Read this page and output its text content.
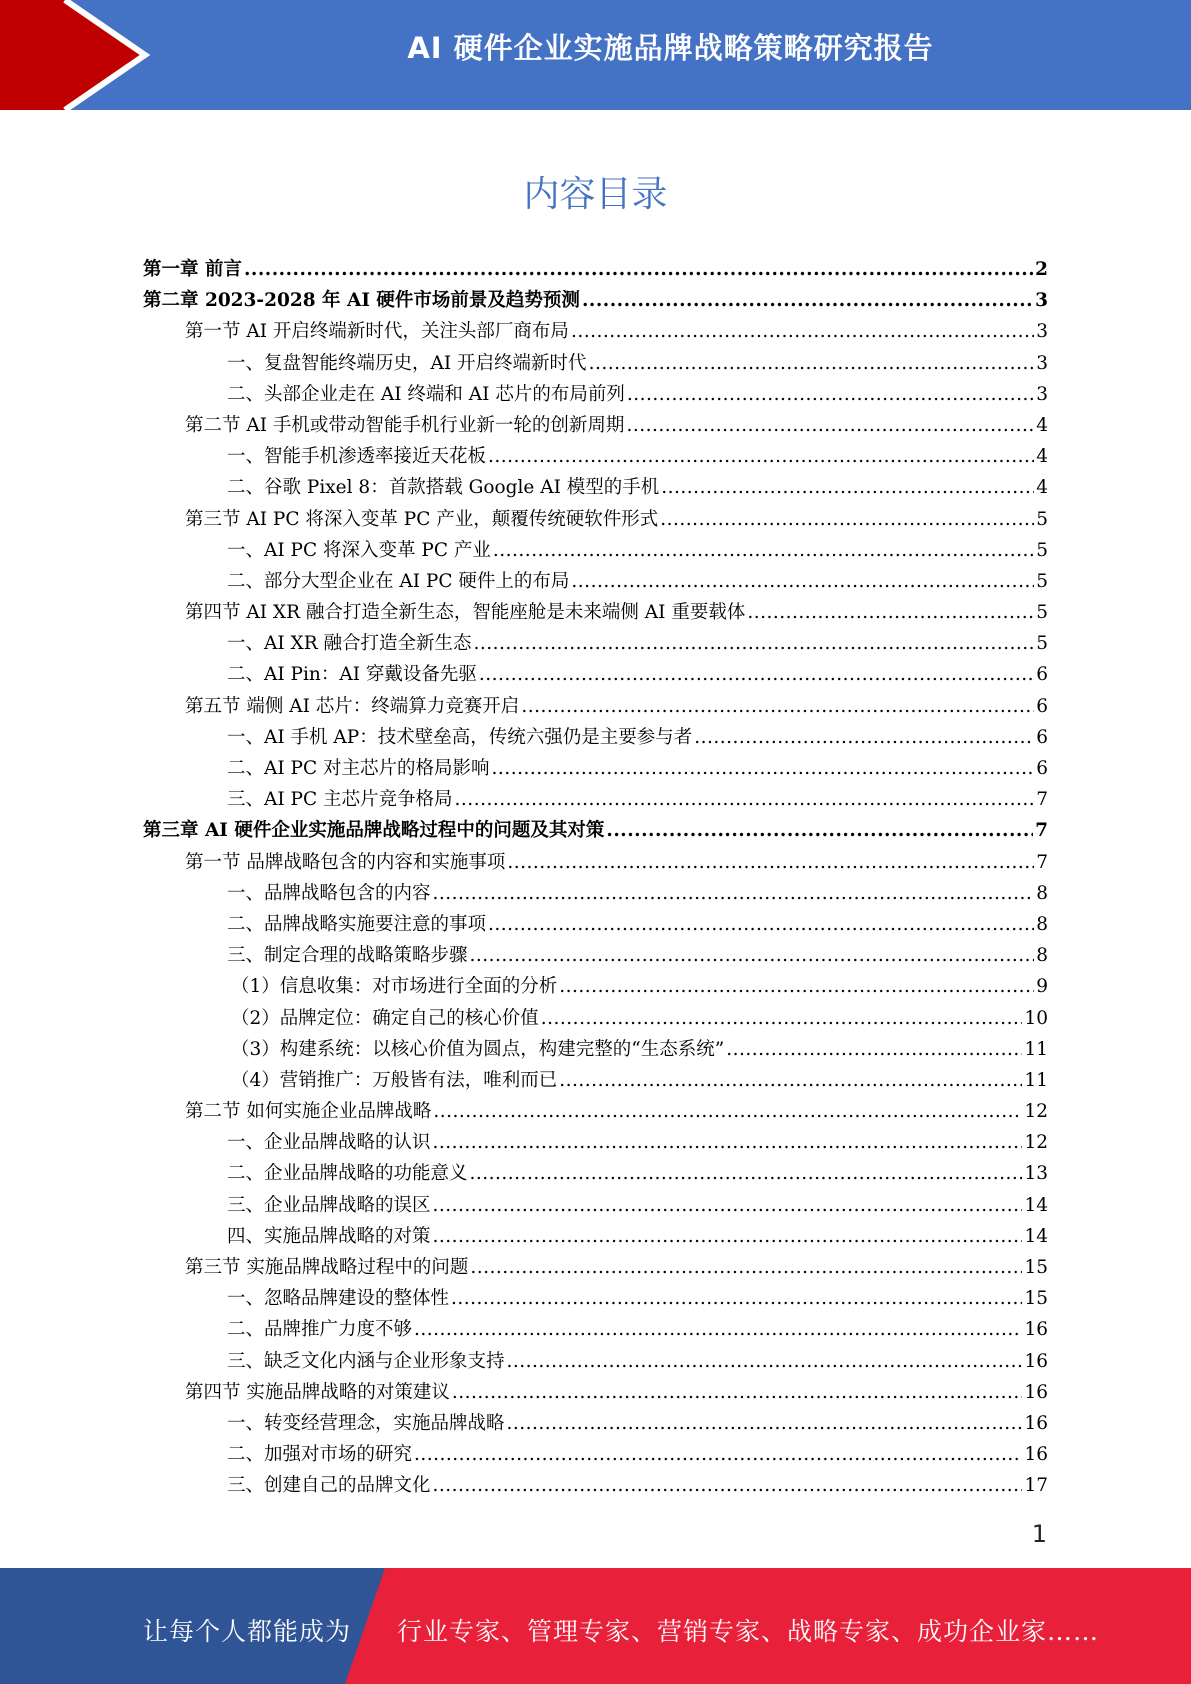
AI 硬件企业实施品牌战略策略研究报告
内容目录
第一章 前言 .....	2
第二章 2023-2028 年 AI 硬件市场前景及趋势预测 .....	3
第一节 AI 开启终端新时代，关注头部厂商布局 .....	3
一、复盘智能终端历史，AI 开启终端新时代 .....	3
二、头部企业走在 AI 终端和 AI 芯片的布局前列 .....	3
第二节 AI 手机或带动智能手机行业新一轮的创新周期 .....	4
一、智能手机渗透率接近天花板 .....	4
二、谷歌 Pixel 8：首款搭载 Google AI 模型的手机 .....	4
第三节 AI PC 将深入变革 PC 产业，颠覆传统硬软件形式 .....	5
一、AI PC 将深入变革 PC 产业 .....	5
二、部分大型企业在 AI PC 硬件上的布局 .....	5
第四节 AI XR 融合打造全新生态，智能座舱是未来端侧 AI 重要载体 .....	5
一、AI XR 融合打造全新生态 .....	5
二、AI Pin：AI 穿戴设备先驱 .....	6
第五节 端侧 AI 芯片：终端算力竞赛开启 .....	6
一、AI 手机 AP：技术壁垒高，传统六强仍是主要参与者 .....	6
二、AI PC 对主芯片的格局影响 .....	6
三、AI PC 主芯片竞争格局 .....	7
第三章 AI 硬件企业实施品牌战略过程中的问题及其对策 .....	7
第一节 品牌战略包含的内容和实施事项 .....	7
一、品牌战略包含的内容 .....	8
二、品牌战略实施要注意的事项 .....	8
三、制定合理的战略策略步骤 .....	8
（1）信息收集：对市场进行全面的分析 .....	9
（2）品牌定位：确定自己的核心价值 .....	10
（3）构建系统：以核心价值为圆点，构建完整的“生态系统” .....	11
（4）营销推广：万般皆有法，唯利而已 .....	11
第二节 如何实施企业品牌战略 .....	12
一、企业品牌战略的认识 .....	12
二、企业品牌战略的功能意义 .....	13
三、企业品牌战略的误区 .....	14
四、实施品牌战略的对策 .....	14
第三节 实施品牌战略过程中的问题 .....	15
一、忽略品牌建设的整体性 .....	15
二、品牌推广力度不够 .....	16
三、缺乏文化内涵与企业形象支持 .....	16
第四节 实施品牌战略的对策建议 .....	16
一、转变经营理念，实施品牌战略 .....	16
二、加强对市场的研究 .....	16
三、创建自己的品牌文化 .....	17
1
让每个人都能成为 行业专家、管理专家、营销专家、战略专家、成功企业家……
